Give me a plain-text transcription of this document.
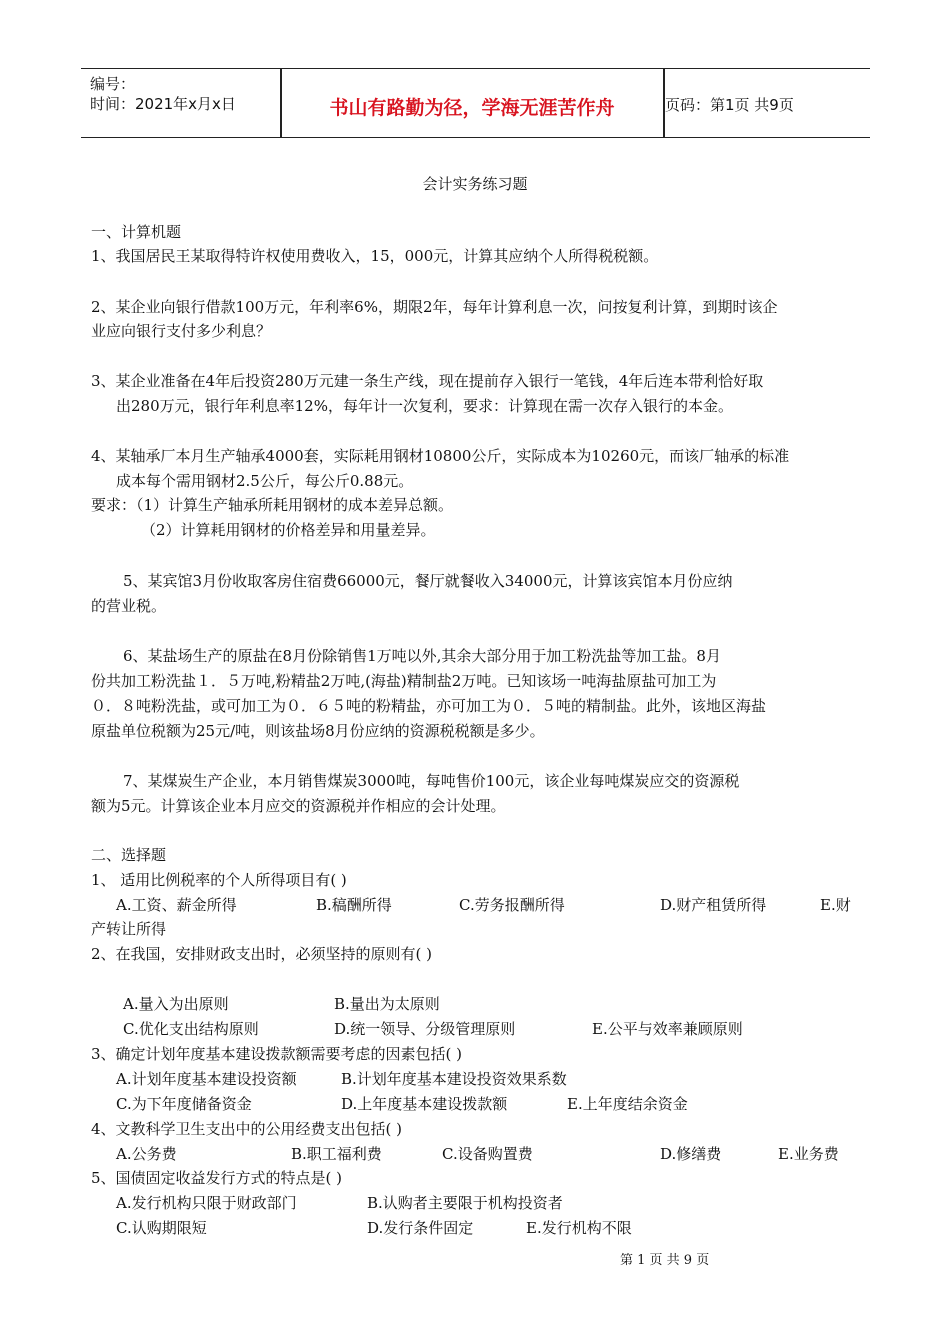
编号：
时间：2021年x月x日	书山有路勤为径，学海无涯苦作舟	页码：第1页 共9页
会计实务练习题
一、计算机题
1、我国居民王某取得特许权使用费收入，15，000元，计算其应纳个人所得税税额。
2、某企业向银行借款100万元，年利率6%，期限2年，每年计算利息一次，问按复利计算，到期时该企
业应向银行支付多少利息？
3、某企业准备在4年后投资280万元建一条生产线，现在提前存入银行一笔钱，4年后连本带利恰好取
出280万元，银行年利息率12%，每年计一次复利，要求：计算现在需一次存入银行的本金。
4、某轴承厂本月生产轴承4000套，实际耗用钢材10800公斤，实际成本为10260元，而该厂轴承的标准
成本每个需用钢材2.5公斤，每公斤0.88元。
要求：（1）计算生产轴承所耗用钢材的成本差异总额。
（2）计算耗用钢材的价格差异和用量差异。
5、某宾馆3月份收取客房住宿费66000元，餐厅就餐收入34000元，计算该宾馆本月份应纳
的营业税。
6、某盐场生产的原盐在8月份除销售1万吨以外,其余大部分用于加工粉洗盐等加工盐。8月
份共加工粉洗盐１．５万吨,粉精盐2万吨,(海盐)精制盐2万吨。已知该场一吨海盐原盐可加工为
０．８吨粉洗盐，或可加工为０．６５吨的粉精盐，亦可加工为０．５吨的精制盐。此外，该地区海盐
原盐单位税额为25元/吨，则该盐场8月份应纳的资源税税额是多少。
7、某煤炭生产企业，本月销售煤炭3000吨，每吨售价100元，该企业每吨煤炭应交的资源税
额为5元。计算该企业本月应交的资源税并作相应的会计处理。
二、选择题
1、 适用比例税率的个人所得项目有( )
A.工资、薪金所得	B.稿酬所得	C.劳务报酬所得	D.财产租赁所得	E.财
产转让所得
2、在我国，安排财政支出时，必须坚持的原则有( )
A.量入为出原则	B.量出为太原则
C.优化支出结构原则	D.统一领导、分级管理原则	E.公平与效率兼顾原则
3、确定计划年度基本建设拨款额需要考虑的因素包括( )
A.计划年度基本建设投资额	B.计划年度基本建设投资效果系数
C.为下年度储备资金	D.上年度基本建设拨款额	E.上年度结余资金
4、文教科学卫生支出中的公用经费支出包括( )
A.公务费	B.职工福利费	C.设备购置费	D.修缮费	E.业务费
5、国债固定收益发行方式的特点是( )
A.发行机构只限于财政部门	B.认购者主要限于机构投资者
C.认购期限短	D.发行条件固定	E.发行机构不限
第 1 页 共 9 页
